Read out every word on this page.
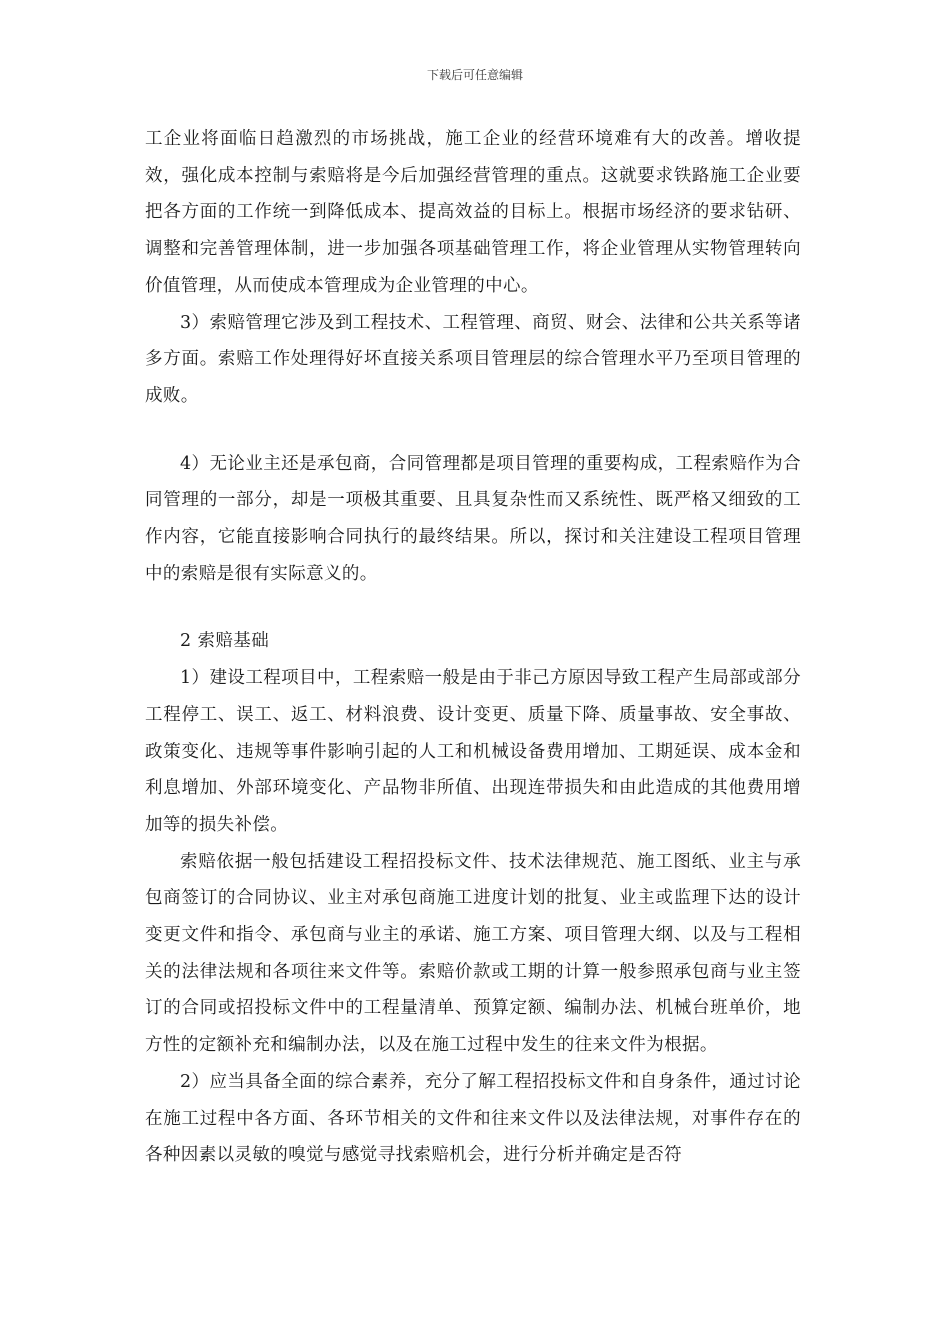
下载后可任意编辑

工企业将面临日趋激烈的市场挑战，施工企业的经营环境难有大的改善。增收提效，强化成本控制与索赔将是今后加强经营管理的重点。这就要求铁路施工企业要把各方面的工作统一到降低成本、提高效益的目标上。根据市场经济的要求钻研、调整和完善管理体制，进一步加强各项基础管理工作，将企业管理从实物管理转向价值管理，从而使成本管理成为企业管理的中心。

3）索赔管理它涉及到工程技术、工程管理、商贸、财会、法律和公共关系等诸多方面。索赔工作处理得好坏直接关系项目管理层的综合管理水平乃至项目管理的成败。

4）无论业主还是承包商，合同管理都是项目管理的重要构成，工程索赔作为合同管理的一部分，却是一项极其重要、且具复杂性而又系统性、既严格又细致的工作内容，它能直接影响合同执行的最终结果。所以，探讨和关注建设工程项目管理中的索赔是很有实际意义的。

2 索赔基础

1）建设工程项目中，工程索赔一般是由于非己方原因导致工程产生局部或部分工程停工、误工、返工、材料浪费、设计变更、质量下降、质量事故、安全事故、政策变化、违规等事件影响引起的人工和机械设备费用增加、工期延误、成本金和利息增加、外部环境变化、产品物非所值、出现连带损失和由此造成的其他费用增加等的损失补偿。

索赔依据一般包括建设工程招投标文件、技术法律规范、施工图纸、业主与承包商签订的合同协议、业主对承包商施工进度计划的批复、业主或监理下达的设计变更文件和指令、承包商与业主的承诺、施工方案、项目管理大纲、以及与工程相关的法律法规和各项往来文件等。索赔价款或工期的计算一般参照承包商与业主签订的合同或招投标文件中的工程量清单、预算定额、编制办法、机械台班单价，地方性的定额补充和编制办法，以及在施工过程中发生的往来文件为根据。

2）应当具备全面的综合素养，充分了解工程招投标文件和自身条件，通过讨论在施工过程中各方面、各环节相关的文件和往来文件以及法律法规，对事件存在的各种因素以灵敏的嗅觉与感觉寻找索赔机会，进行分析并确定是否符
